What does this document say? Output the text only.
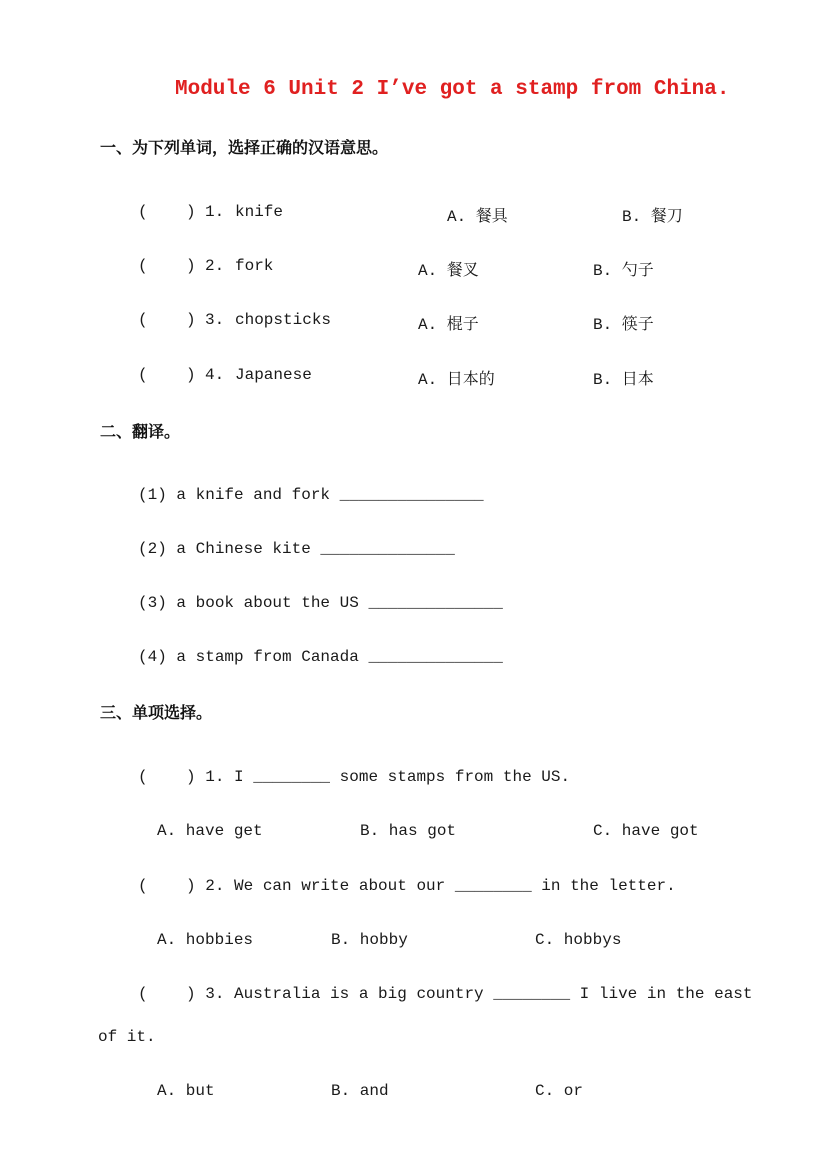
Module 6 Unit 2 I’ve got a stamp from China.
一、为下列单词，选择正确的汉语意思。
(    ) 1. knife	A. 餐具	B. 餐刀
(    ) 2. fork	A. 餐叉	B. 勺子
(    ) 3. chopsticks	A. 棍子	B. 筷子
(    ) 4. Japanese	A. 日本的	B. 日本
二、翻译。
(1) a knife and fork _______________
(2) a Chinese kite ______________
(3) a book about the US ______________
(4) a stamp from Canada ______________
三、单项选择。
(    ) 1. I ________ some stamps from the US.
A. have get	B. has got	C. have got
(    ) 2. We can write about our ________ in the letter.
A. hobbies	B. hobby	C. hobbys
(    ) 3. Australia is a big country ________ I live in the east
of it.
A. but	B. and	C. or
